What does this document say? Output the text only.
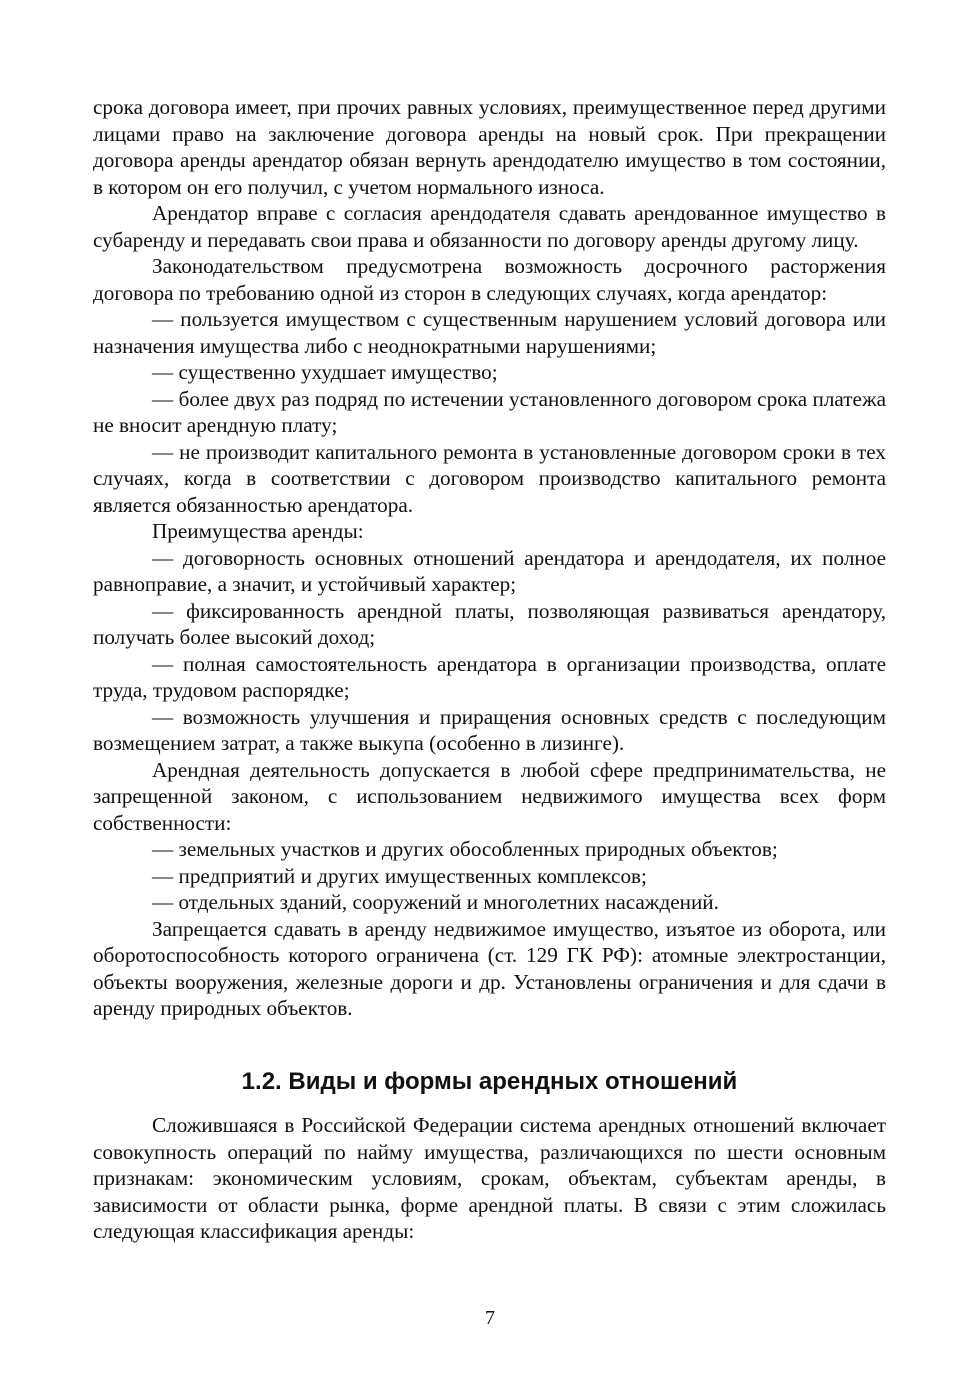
срока договора имеет, при прочих равных условиях, преимущественное перед другими лицами право на заключение договора аренды на новый срок. При прекращении договора аренды арендатор обязан вернуть арендодателю имущество в том состоянии, в котором он его получил, с учетом нормального износа.

Арендатор вправе с согласия арендодателя сдавать арендованное имущество в субаренду и передавать свои права и обязанности по договору аренды другому лицу.

Законодательством предусмотрена возможность досрочного расторжения договора по требованию одной из сторон в следующих случаях, когда арендатор:

— пользуется имуществом с существенным нарушением условий договора или назначения имущества либо с неоднократными нарушениями;

— существенно ухудшает имущество;

— более двух раз подряд по истечении установленного договором срока платежа не вносит арендную плату;

— не производит капитального ремонта в установленные договором сроки в тех случаях, когда в соответствии с договором производство капитального ремонта является обязанностью арендатора.

Преимущества аренды:

— договорность основных отношений арендатора и арендодателя, их полное равноправие, а значит, и устойчивый характер;

— фиксированность арендной платы, позволяющая развиваться арендатору, получать более высокий доход;

— полная самостоятельность арендатора в организации производства, оплате труда, трудовом распорядке;

— возможность улучшения и приращения основных средств с последующим возмещением затрат, а также выкупа (особенно в лизинге).

Арендная деятельность допускается в любой сфере предпринимательства, не запрещенной законом, с использованием недвижимого имущества всех форм собственности:

— земельных участков и других обособленных природных объектов;

— предприятий и других имущественных комплексов;

— отдельных зданий, сооружений и многолетних насаждений.

Запрещается сдавать в аренду недвижимое имущество, изъятое из оборота, или оборотоспособность которого ограничена (ст. 129 ГК РФ): атомные электростанции, объекты вооружения, железные дороги и др. Установлены ограничения и для сдачи в аренду природных объектов.

1.2. Виды и формы арендных отношений

Сложившаяся в Российской Федерации система арендных отношений включает совокупность операций по найму имущества, различающихся по шести основным признакам: экономическим условиям, срокам, объектам, субъектам аренды, в зависимости от области рынка, форме арендной платы. В связи с этим сложилась следующая классификация аренды:

7
